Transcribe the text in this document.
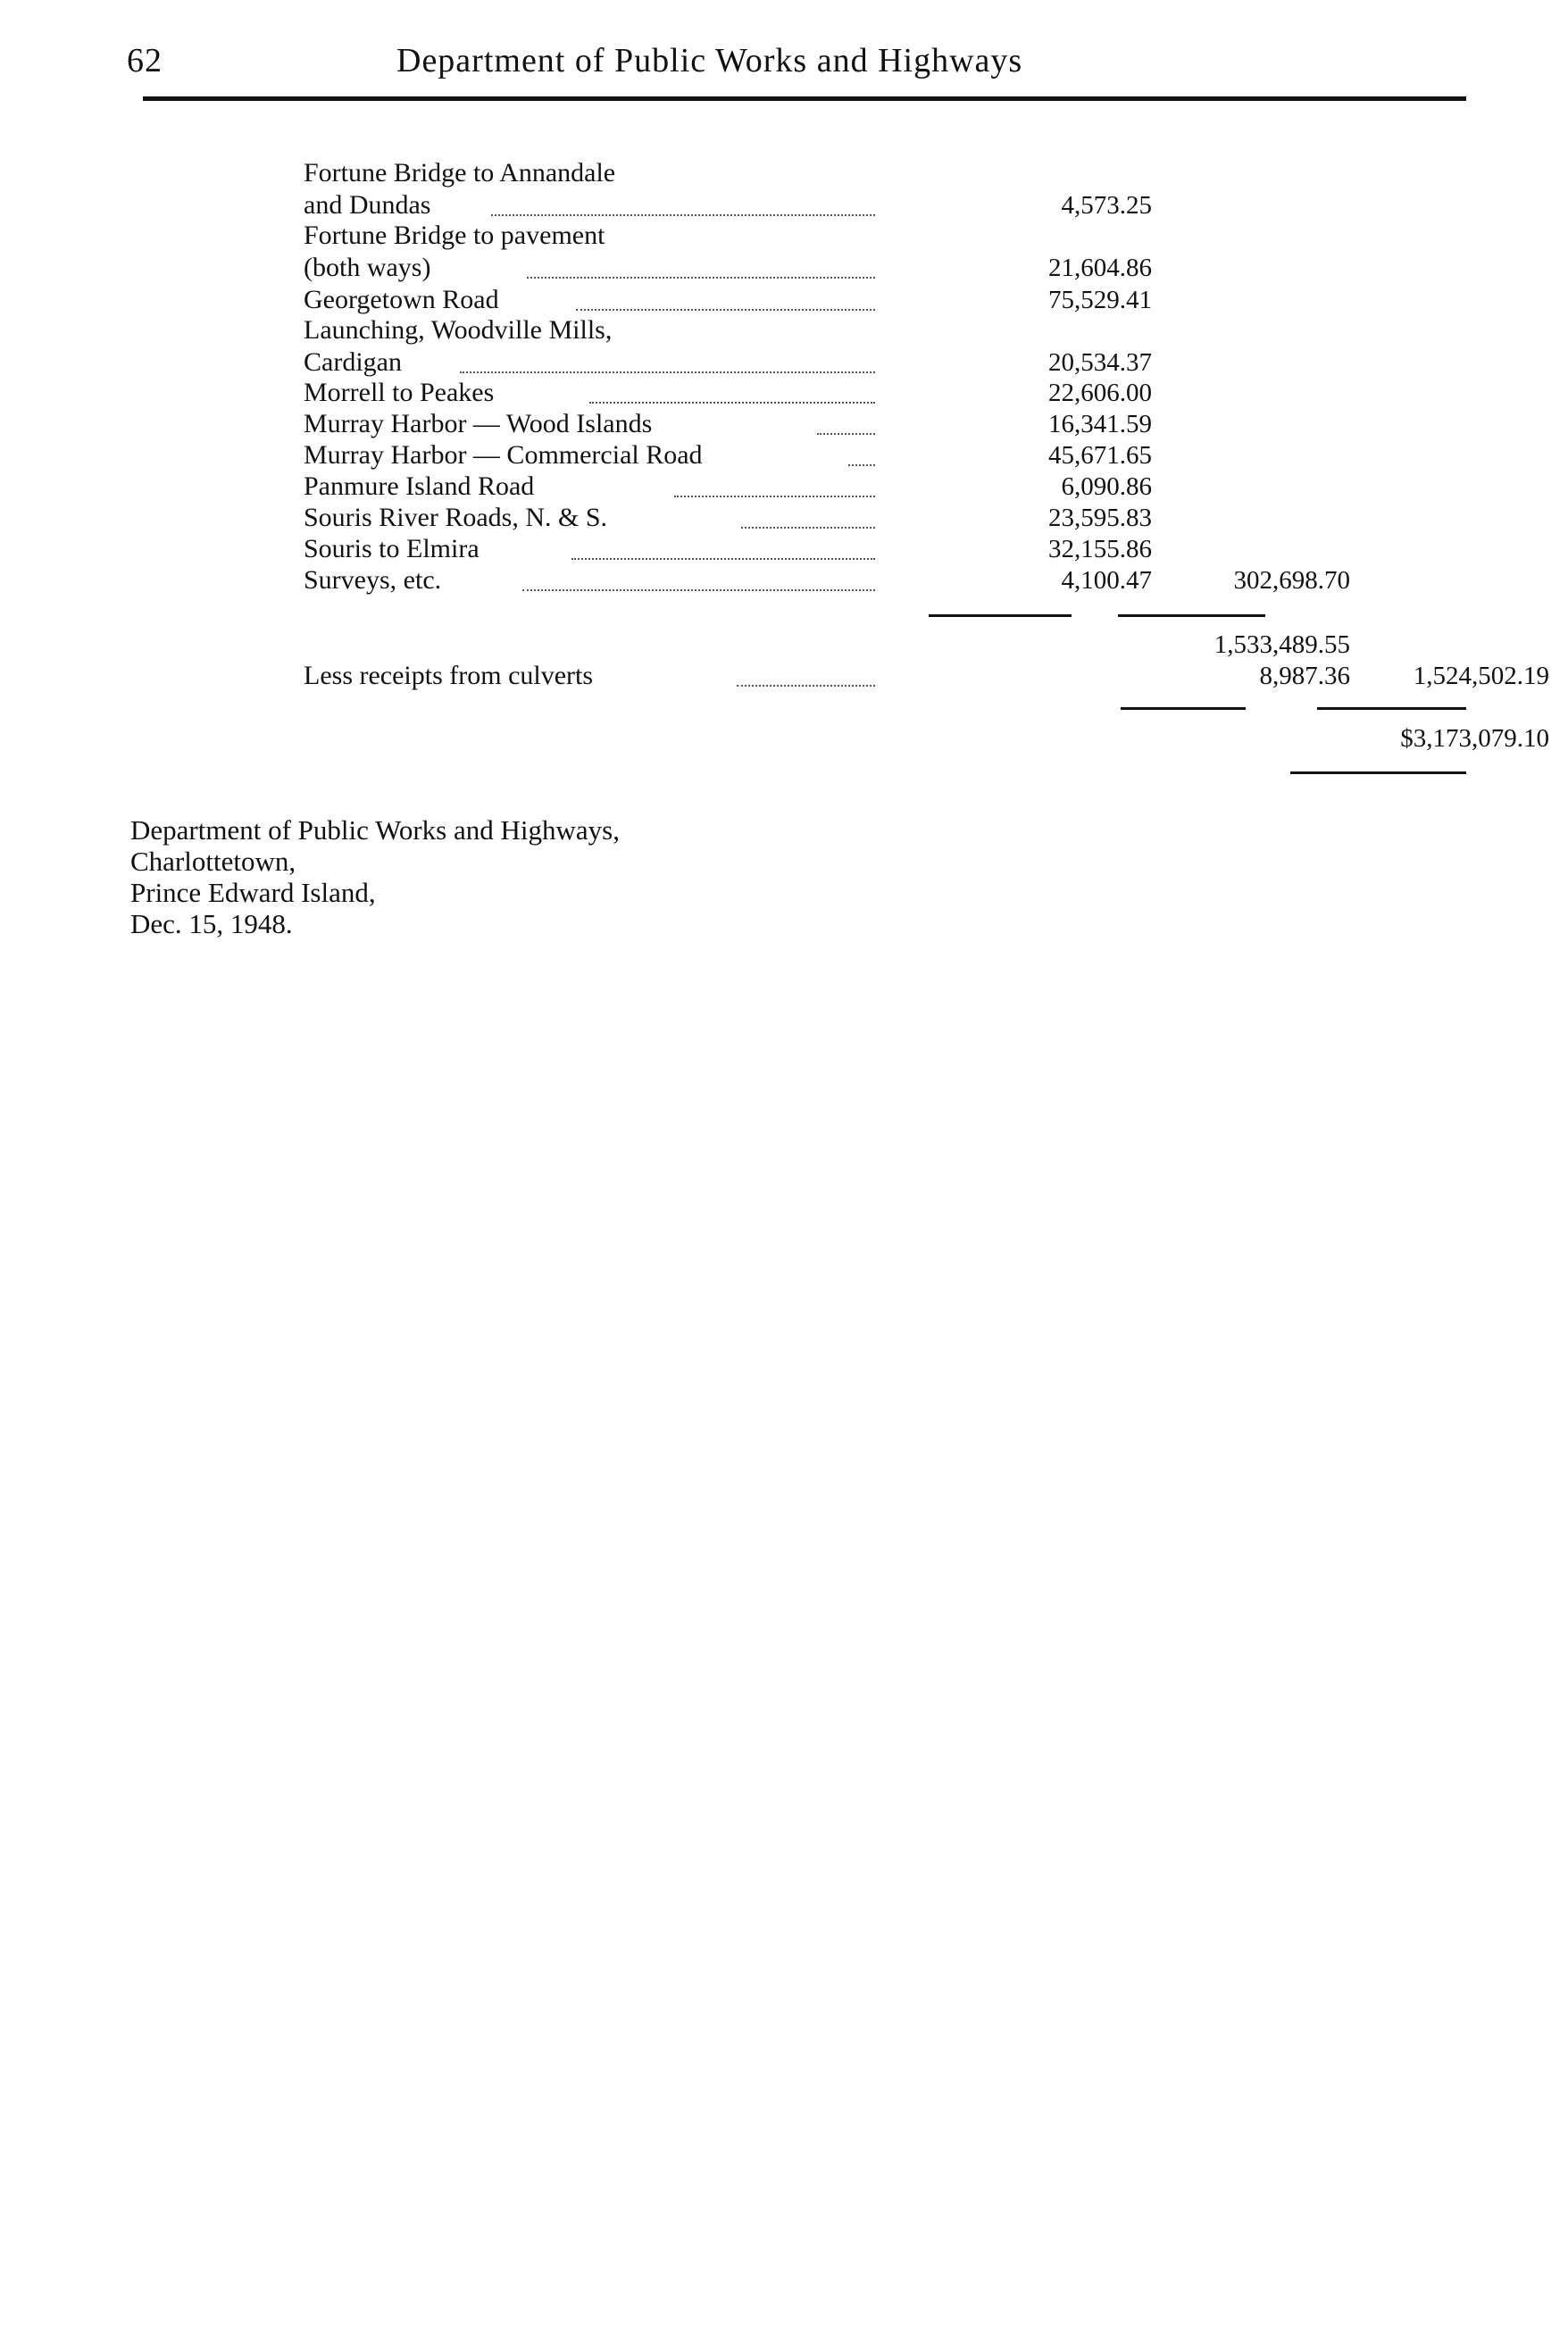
62	Department of Public Works and Highways
Fortune Bridge to Annandale
and Dundas	4,573.25
Fortune Bridge to pavement
(both ways)	21,604.86
Georgetown Road	75,529.41
Launching, Woodville Mills,
Cardigan	20,534.37
Morrell to Peakes	22,606.00
Murray Harbor — Wood Islands	16,341.59
Murray Harbor — Commercial Road	45,671.65
Panmure Island Road	6,090.86
Souris River Roads, N. & S.	23,595.83
Souris to Elmira	32,155.86
Surveys, etc.	4,100.47	302,698.70
1,533,489.55
Less receipts from culverts	8,987.36	1,524,502.19
$3,173,079.10
Department of Public Works and Highways,
Charlottetown,
Prince Edward Island,
Dec. 15, 1948.
